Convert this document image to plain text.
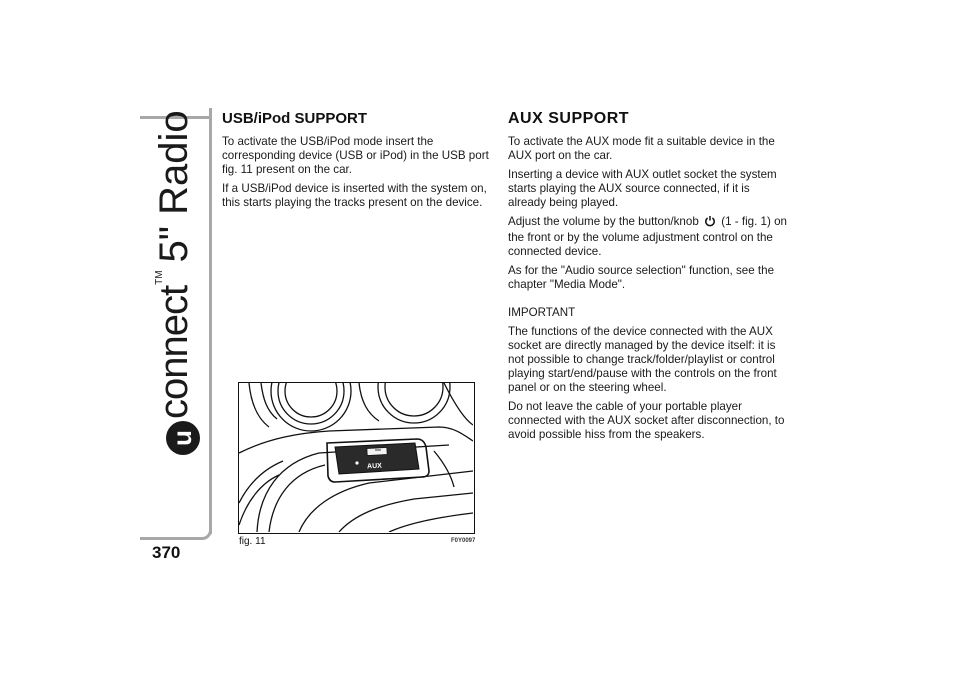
u
connect
TM
5" Radio
370
USB/iPod SUPPORT

To activate the USB/iPod mode insert the corresponding device (USB or iPod) in the USB port fig. 11 present on the car.

If a USB/iPod device is inserted with the system on, this starts playing the tracks present on the device.

AUX
fig. 11	F0Y0097
AUX SUPPORT

To activate the AUX mode fit a suitable device in the AUX port on the car.

Inserting a device with AUX outlet socket the system starts playing the AUX source connected, if it is already being played.

Adjust the volume by the button/knob (1 - fig. 1) on the front or by the volume adjustment control on the connected device.

As for the "Audio source selection" function, see the chapter "Media Mode".

IMPORTANT

The functions of the device connected with the AUX socket are directly managed by the device itself: it is not possible to change track/folder/playlist or control playing start/end/pause with the controls on the front panel or on the steering wheel.

Do not leave the cable of your portable player connected with the AUX socket after disconnection, to avoid possible hiss from the speakers.
